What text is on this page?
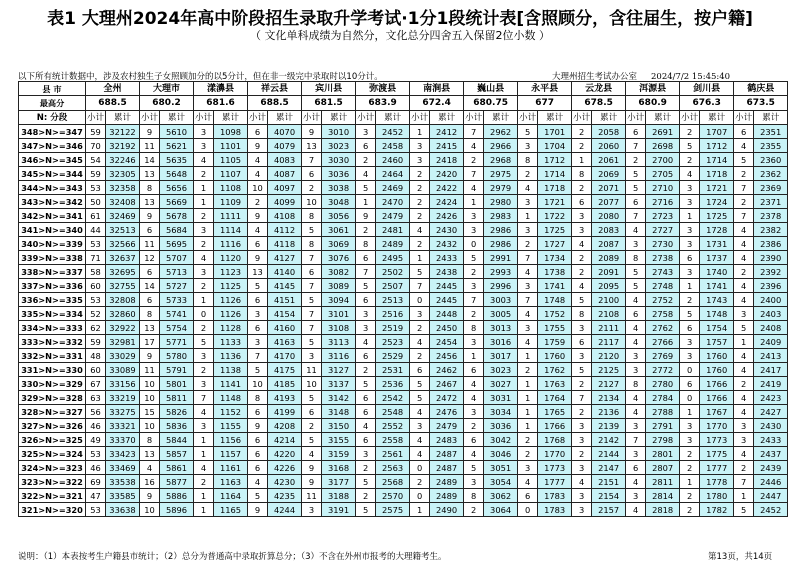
表1 大理州2024年高中阶段招生录取升学考试·1分1段统计表[含照顾分，含往届生，按户籍]
（ 文化单科成绩为自然分，文化总分四舍五入保留2位小数 ）
以下所有统计数据中，涉及农村独生子女照顾加分的以5分计，但在非一级完中录取时以10分计。	大理州招生考试办公室 2024/7/2 15:45:40
县 市	全州		大理市		漾濞县		祥云县		宾川县		弥渡县		南涧县		巍山县		永平县		云龙县		洱源县		剑川县		鹤庆县	
最高分	688.5		680.2		681.6		688.5		681.5		683.9		672.4		680.75		677		678.5		680.9		676.3		673.5	
N: 分段	小计	累计	小计	累计	小计	累计	小计	累计	小计	累计	小计	累计	小计	累计	小计	累计	小计	累计	小计	累计	小计	累计	小计	累计	小计	累计
348>N>=347	59	32122	9	5610	3	1098	6	4070	9	3010	3	2452	1	2412	7	2962	5	1701	2	2058	6	2691	2	1707	6	2351
347>N>=346	70	32192	11	5621	3	1101	9	4079	13	3023	6	2458	3	2415	4	2966	3	1704	2	2060	7	2698	5	1712	4	2355
346>N>=345	54	32246	14	5635	4	1105	4	4083	7	3030	2	2460	3	2418	2	2968	8	1712	1	2061	2	2700	2	1714	5	2360
345>N>=344	59	32305	13	5648	2	1107	4	4087	6	3036	4	2464	2	2420	7	2975	2	1714	8	2069	5	2705	4	1718	2	2362
344>N>=343	53	32358	8	5656	1	1108	10	4097	2	3038	5	2469	2	2422	4	2979	4	1718	2	2071	5	2710	3	1721	7	2369
343>N>=342	50	32408	13	5669	1	1109	2	4099	10	3048	1	2470	2	2424	1	2980	3	1721	6	2077	6	2716	3	1724	2	2371
342>N>=341	61	32469	9	5678	2	1111	9	4108	8	3056	9	2479	2	2426	3	2983	1	1722	3	2080	7	2723	1	1725	7	2378
341>N>=340	44	32513	6	5684	3	1114	4	4112	5	3061	2	2481	4	2430	3	2986	3	1725	3	2083	4	2727	3	1728	4	2382
340>N>=339	53	32566	11	5695	2	1116	6	4118	8	3069	8	2489	2	2432	0	2986	2	1727	4	2087	3	2730	3	1731	4	2386
339>N>=338	71	32637	12	5707	4	1120	9	4127	7	3076	6	2495	1	2433	5	2991	7	1734	2	2089	8	2738	6	1737	4	2390
338>N>=337	58	32695	6	5713	3	1123	13	4140	6	3082	7	2502	5	2438	2	2993	4	1738	2	2091	5	2743	3	1740	2	2392
337>N>=336	60	32755	14	5727	2	1125	5	4145	7	3089	5	2507	7	2445	3	2996	3	1741	4	2095	5	2748	1	1741	4	2396
336>N>=335	53	32808	6	5733	1	1126	6	4151	5	3094	6	2513	0	2445	7	3003	7	1748	5	2100	4	2752	2	1743	4	2400
335>N>=334	52	32860	8	5741	0	1126	3	4154	7	3101	3	2516	3	2448	2	3005	4	1752	8	2108	6	2758	5	1748	3	2403
334>N>=333	62	32922	13	5754	2	1128	6	4160	7	3108	3	2519	2	2450	8	3013	3	1755	3	2111	4	2762	6	1754	5	2408
333>N>=332	59	32981	17	5771	5	1133	3	4163	5	3113	4	2523	4	2454	3	3016	4	1759	6	2117	4	2766	3	1757	1	2409
332>N>=331	48	33029	9	5780	3	1136	7	4170	3	3116	6	2529	2	2456	1	3017	1	1760	3	2120	3	2769	3	1760	4	2413
331>N>=330	60	33089	11	5791	2	1138	5	4175	11	3127	2	2531	6	2462	6	3023	2	1762	5	2125	3	2772	0	1760	4	2417
330>N>=329	67	33156	10	5801	3	1141	10	4185	10	3137	5	2536	5	2467	4	3027	1	1763	2	2127	8	2780	6	1766	2	2419
329>N>=328	63	33219	10	5811	7	1148	8	4193	5	3142	6	2542	5	2472	4	3031	1	1764	7	2134	4	2784	0	1766	4	2423
328>N>=327	56	33275	15	5826	4	1152	6	4199	6	3148	6	2548	4	2476	3	3034	1	1765	2	2136	4	2788	1	1767	4	2427
327>N>=326	46	33321	10	5836	3	1155	9	4208	2	3150	4	2552	3	2479	2	3036	1	1766	3	2139	3	2791	3	1770	3	2430
326>N>=325	49	33370	8	5844	1	1156	6	4214	5	3155	6	2558	4	2483	6	3042	2	1768	3	2142	7	2798	3	1773	3	2433
325>N>=324	53	33423	13	5857	1	1157	6	4220	4	3159	3	2561	4	2487	4	3046	2	1770	2	2144	3	2801	2	1775	4	2437
324>N>=323	46	33469	4	5861	4	1161	6	4226	9	3168	2	2563	0	2487	5	3051	3	1773	3	2147	6	2807	2	1777	2	2439
323>N>=322	69	33538	16	5877	2	1163	4	4230	9	3177	5	2568	2	2489	3	3054	4	1777	4	2151	4	2811	1	1778	7	2446
322>N>=321	47	33585	9	5886	1	1164	5	4235	11	3188	2	2570	0	2489	8	3062	6	1783	3	2154	3	2814	2	1780	1	2447
321>N>=320	53	33638	10	5896	1	1165	9	4244	3	3191	5	2575	1	2490	2	3064	0	1783	3	2157	4	2818	2	1782	5	2452
说明：（1）本表按考生户籍县市统计；（2）总分为普通高中录取折算总分；（3）不含在外州市报考的大理籍考生。	第13页，共14页
